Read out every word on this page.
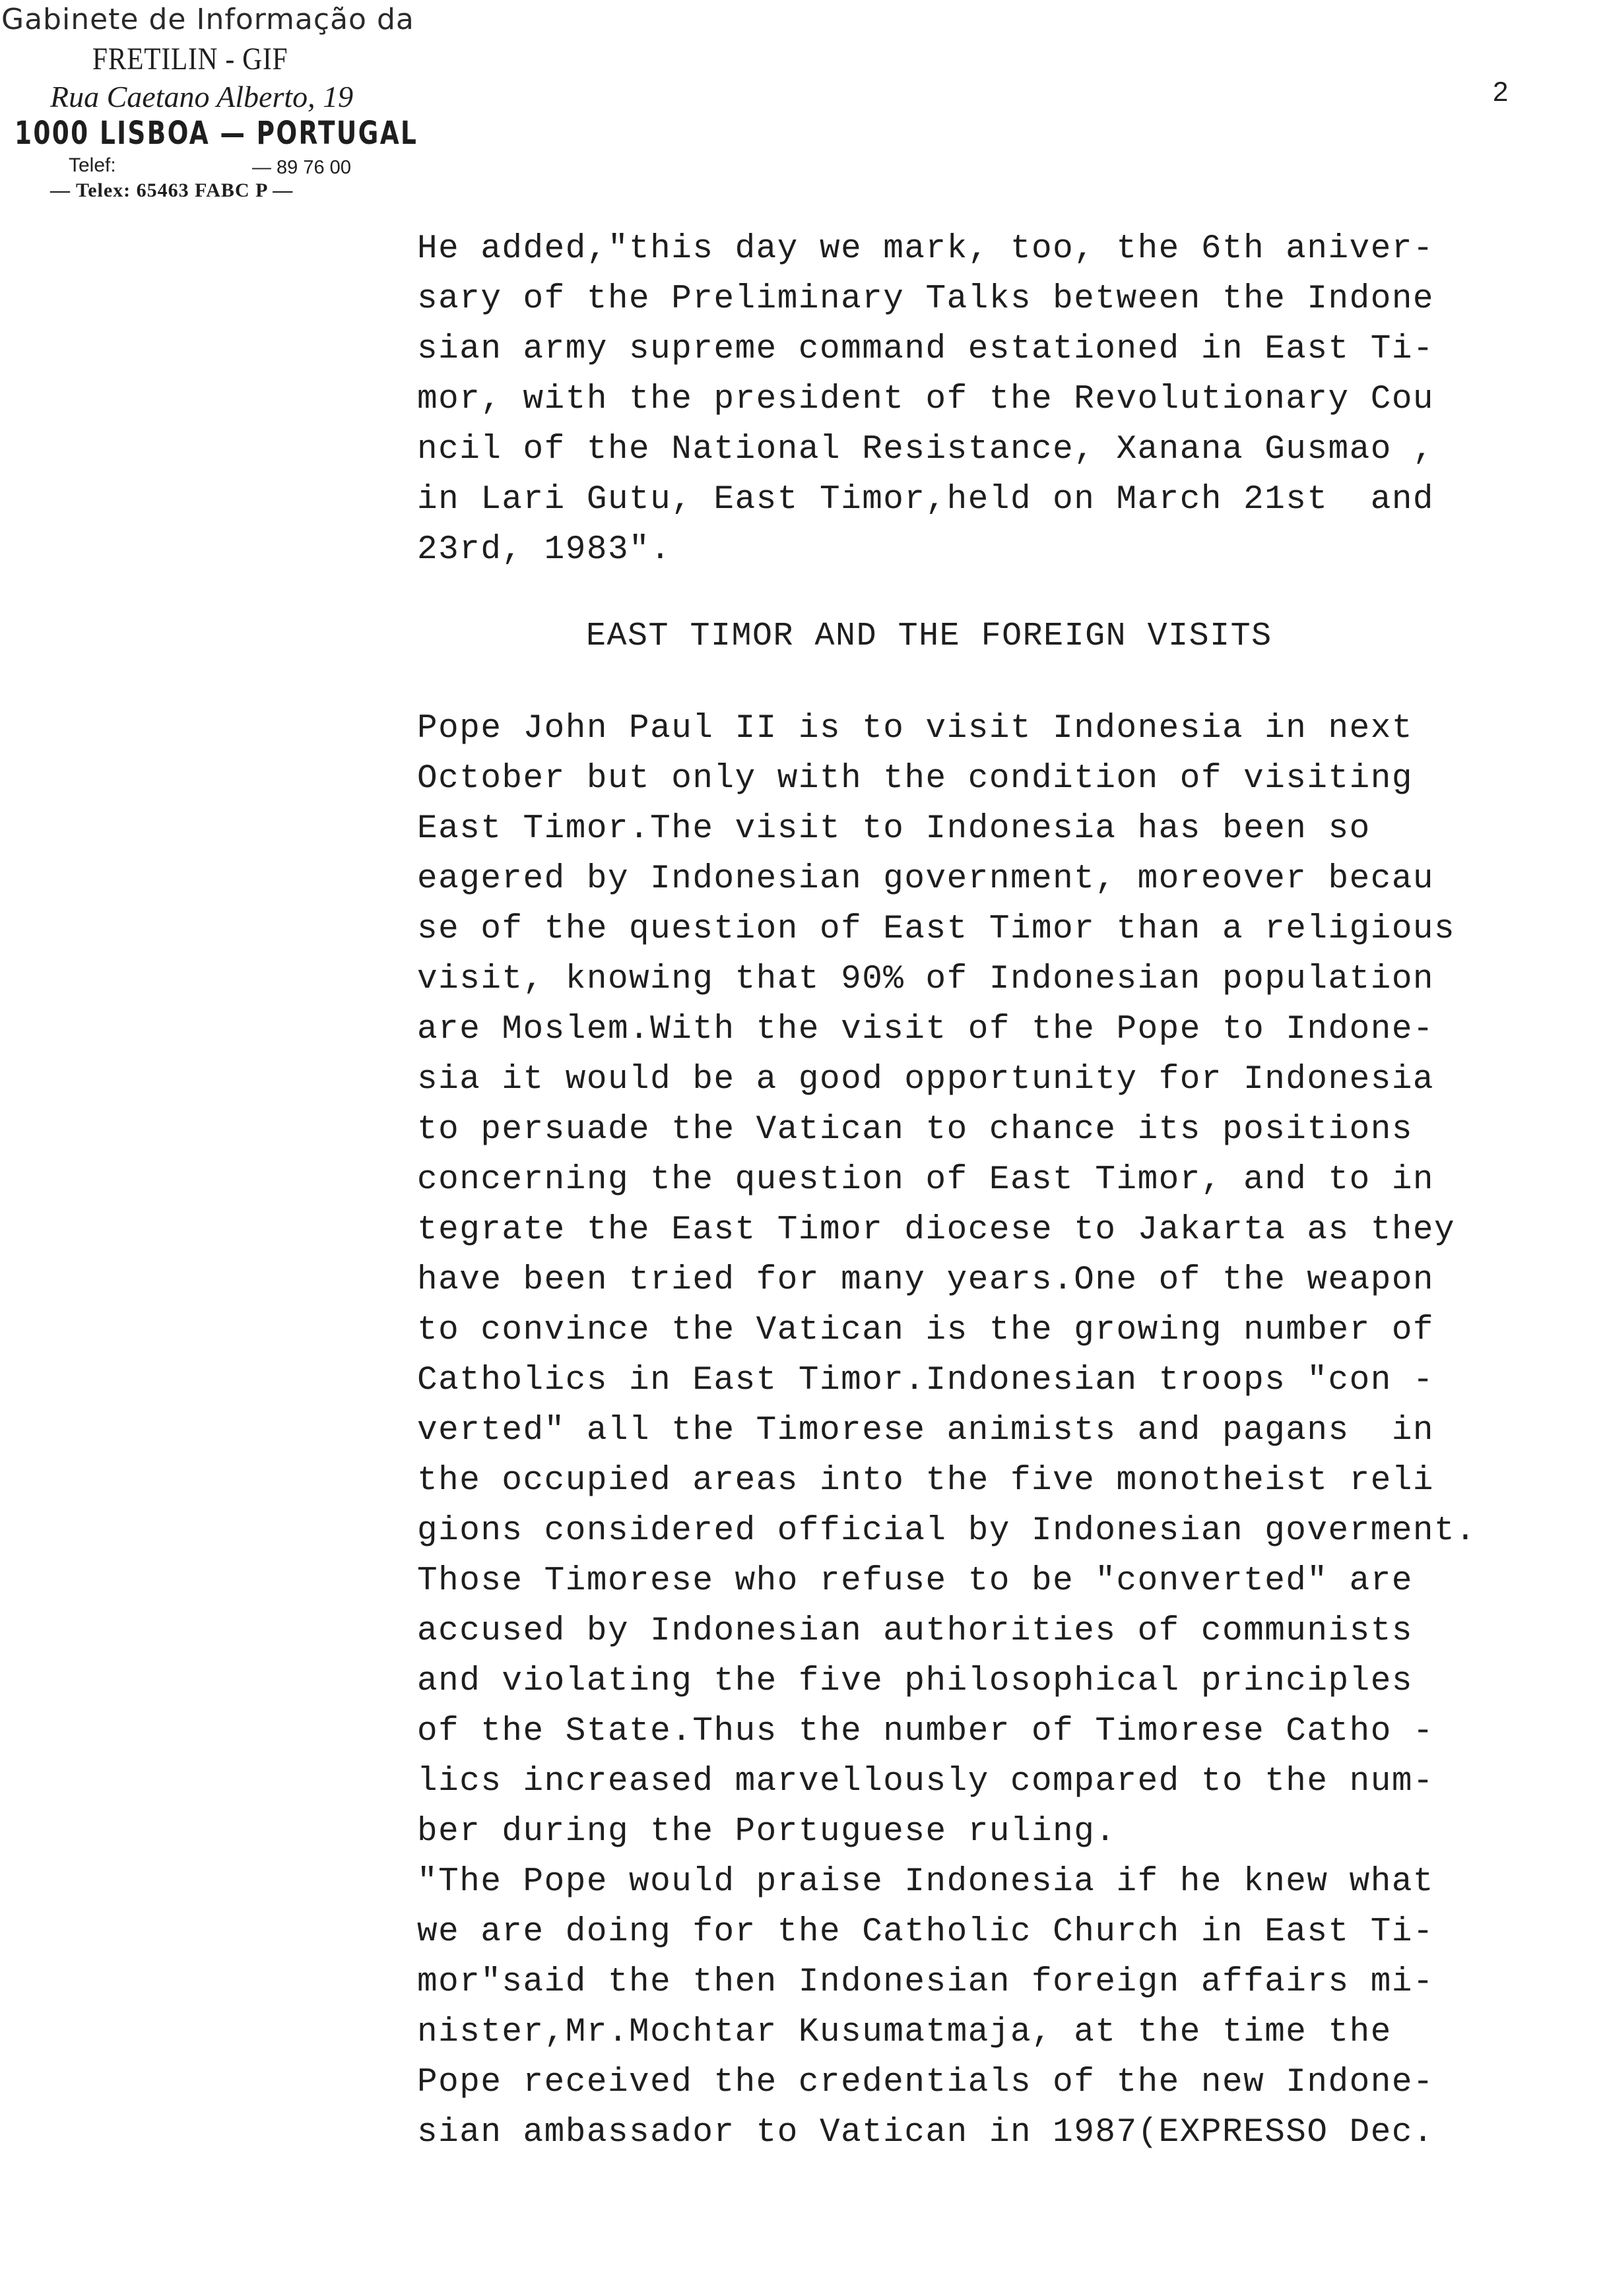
Gabinete de Informação da
FRETILIN - GIF
Rua Caetano Alberto, 19
1000 LISBOA — PORTUGAL
Telef:	— 89 76 00
— Telex: 65463 FABC P —
2
He added,"this day we mark, too, the 6th aniver-
sary of the Preliminary Talks between the Indone
sian army supreme command estationed in East Ti-
mor, with the president of the Revolutionary Cou
ncil of the National Resistance, Xanana Gusmao ,
in Lari Gutu, East Timor,held on March 21st  and
23rd, 1983".
EAST TIMOR AND THE FOREIGN VISITS
Pope John Paul II is to visit Indonesia in next
October but only with the condition of visiting
East Timor.The visit to Indonesia has been so
eagered by Indonesian government, moreover becau
se of the question of East Timor than a religious
visit, knowing that 90% of Indonesian population
are Moslem.With the visit of the Pope to Indone-
sia it would be a good opportunity for Indonesia
to persuade the Vatican to chance its positions
concerning the question of East Timor, and to in
tegrate the East Timor diocese to Jakarta as they
have been tried for many years.One of the weapon
to convince the Vatican is the growing number of
Catholics in East Timor.Indonesian troops "con -
verted" all the Timorese animists and pagans  in
the occupied areas into the five monotheist reli
gions considered official by Indonesian goverment.
Those Timorese who refuse to be "converted" are
accused by Indonesian authorities of communists
and violating the five philosophical principles
of the State.Thus the number of Timorese Catho -
lics increased marvellously compared to the num-
ber during the Portuguese ruling.
"The Pope would praise Indonesia if he knew what
we are doing for the Catholic Church in East Ti-
mor"said the then Indonesian foreign affairs mi-
nister,Mr.Mochtar Kusumatmaja, at the time the
Pope received the credentials of the new Indone-
sian ambassador to Vatican in 1987(EXPRESSO Dec.
